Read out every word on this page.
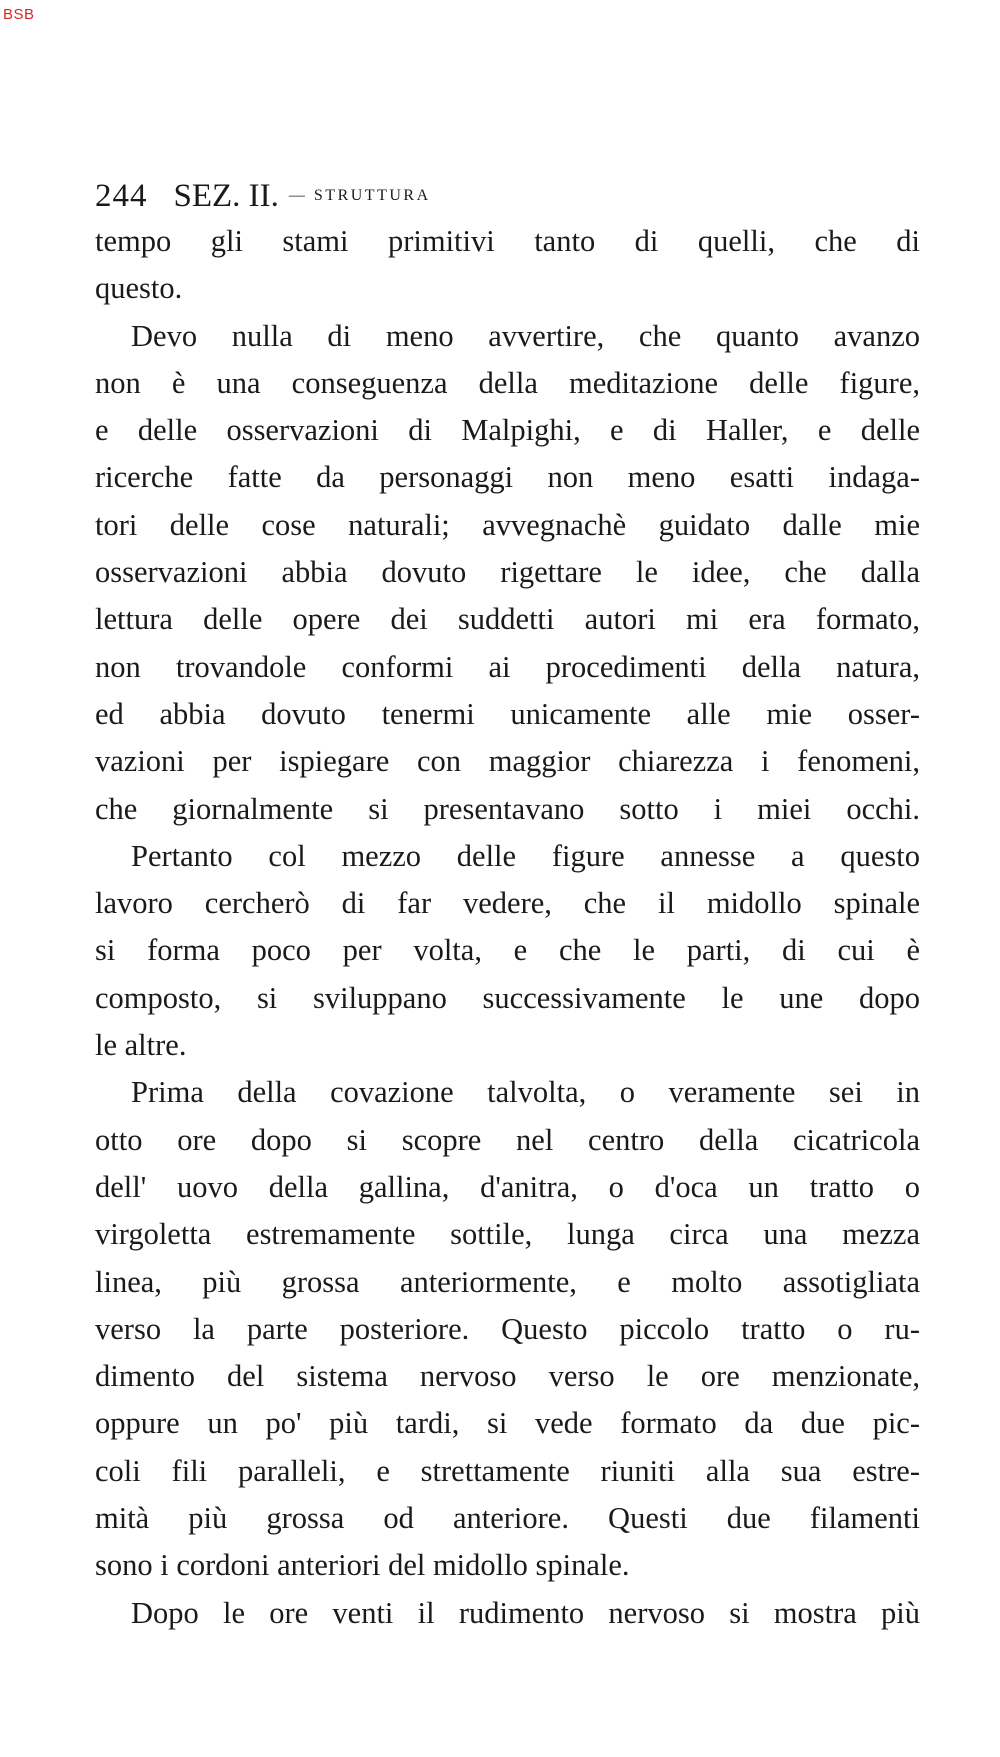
BSB
244 SEZ. II. — STRUTTURA
tempo gli stami primitivi tanto di quelli, che di
questo.
Devo nulla di meno avvertire, che quanto avanzo
non è una conseguenza della meditazione delle figure,
e delle osservazioni di Malpighi, e di Haller, e delle
ricerche fatte da personaggi non meno esatti indaga-
tori delle cose naturali; avvegnachè guidato dalle mie
osservazioni abbia dovuto rigettare le idee, che dalla
lettura delle opere dei suddetti autori mi era formato,
non trovandole conformi ai procedimenti della natura,
ed abbia dovuto tenermi unicamente alle mie osser-
vazioni per ispiegare con maggior chiarezza i fenomeni,
che giornalmente si presentavano sotto i miei occhi.
Pertanto col mezzo delle figure annesse a questo
lavoro cercherò di far vedere, che il midollo spinale
si forma poco per volta, e che le parti, di cui è
composto, si sviluppano successivamente le une dopo
le altre.
Prima della covazione talvolta, o veramente sei in
otto ore dopo si scopre nel centro della cicatricola
dell' uovo della gallina, d'anitra, o d'oca un tratto o
virgoletta estremamente sottile, lunga circa una mezza
linea, più grossa anteriormente, e molto assotigliata
verso la parte posteriore. Questo piccolo tratto o ru-
dimento del sistema nervoso verso le ore menzionate,
oppure un po' più tardi, si vede formato da due pic-
coli fili paralleli, e strettamente riuniti alla sua estre-
mità più grossa od anteriore. Questi due filamenti
sono i cordoni anteriori del midollo spinale.
Dopo le ore venti il rudimento nervoso si mostra più
